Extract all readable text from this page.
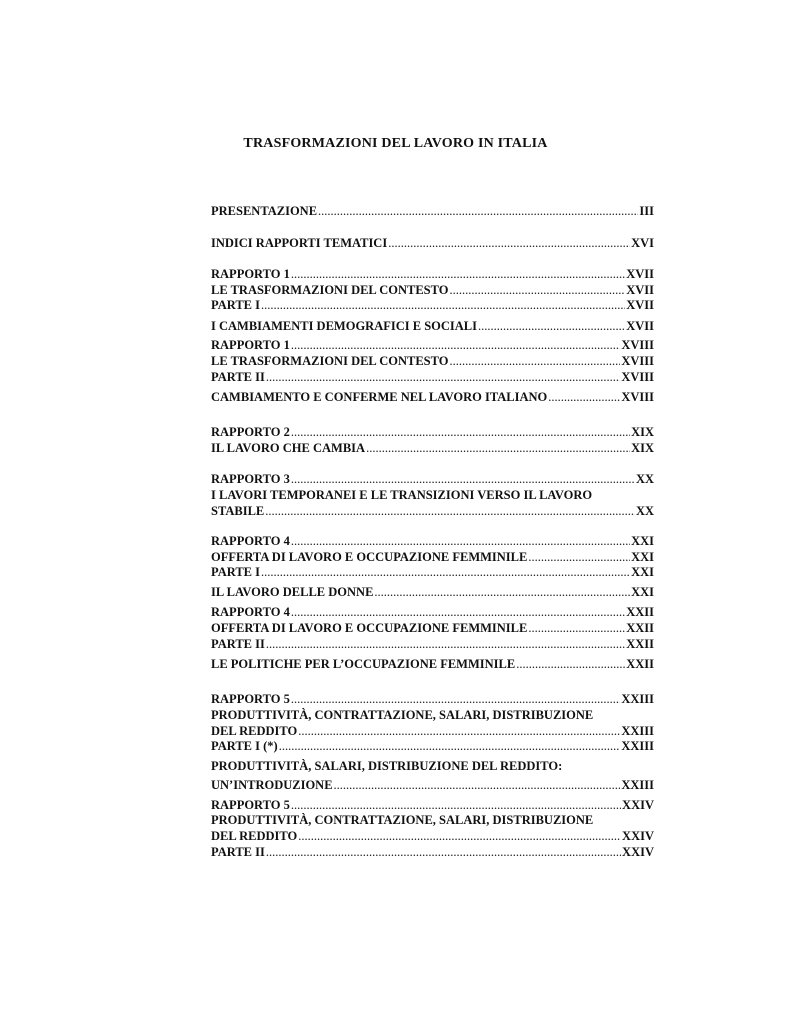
TRASFORMAZIONI DEL LAVORO IN ITALIA
PRESENTAZIONE .....	III
INDICI RAPPORTI TEMATICI .....	XVI
RAPPORTO 1 .....	XVII
LE TRASFORMAZIONI DEL CONTESTO .....	XVII
PARTE I .....	XVII
I CAMBIAMENTI DEMOGRAFICI E SOCIALI .....	XVII
RAPPORTO 1 .....	XVIII
LE TRASFORMAZIONI DEL CONTESTO .....	XVIII
PARTE II .....	XVIII
CAMBIAMENTO E CONFERME NEL LAVORO ITALIANO .....	XVIII
RAPPORTO 2 .....	XIX
IL LAVORO CHE CAMBIA .....	XIX
RAPPORTO 3 .....	XX
I LAVORI TEMPORANEI E LE TRANSIZIONI VERSO IL LAVORO
STABILE .....	XX
RAPPORTO 4 .....	XXI
OFFERTA DI LAVORO E OCCUPAZIONE FEMMINILE .....	XXI
PARTE I .....	XXI
IL LAVORO DELLE DONNE .....	XXI
RAPPORTO 4 .....	XXII
OFFERTA DI LAVORO E OCCUPAZIONE FEMMINILE .....	XXII
PARTE II .....	XXII
LE POLITICHE PER L’OCCUPAZIONE FEMMINILE .....	XXII
RAPPORTO 5 .....	XXIII
PRODUTTIVITÀ, CONTRATTAZIONE, SALARI, DISTRIBUZIONE
DEL REDDITO .....	XXIII
PARTE I (*) .....	XXIII
PRODUTTIVITÀ, SALARI, DISTRIBUZIONE DEL REDDITO:
UN’INTRODUZIONE .....	XXIII
RAPPORTO 5 .....	XXIV
PRODUTTIVITÀ, CONTRATTAZIONE, SALARI, DISTRIBUZIONE
DEL REDDITO .....	XXIV
PARTE II .....	XXIV
